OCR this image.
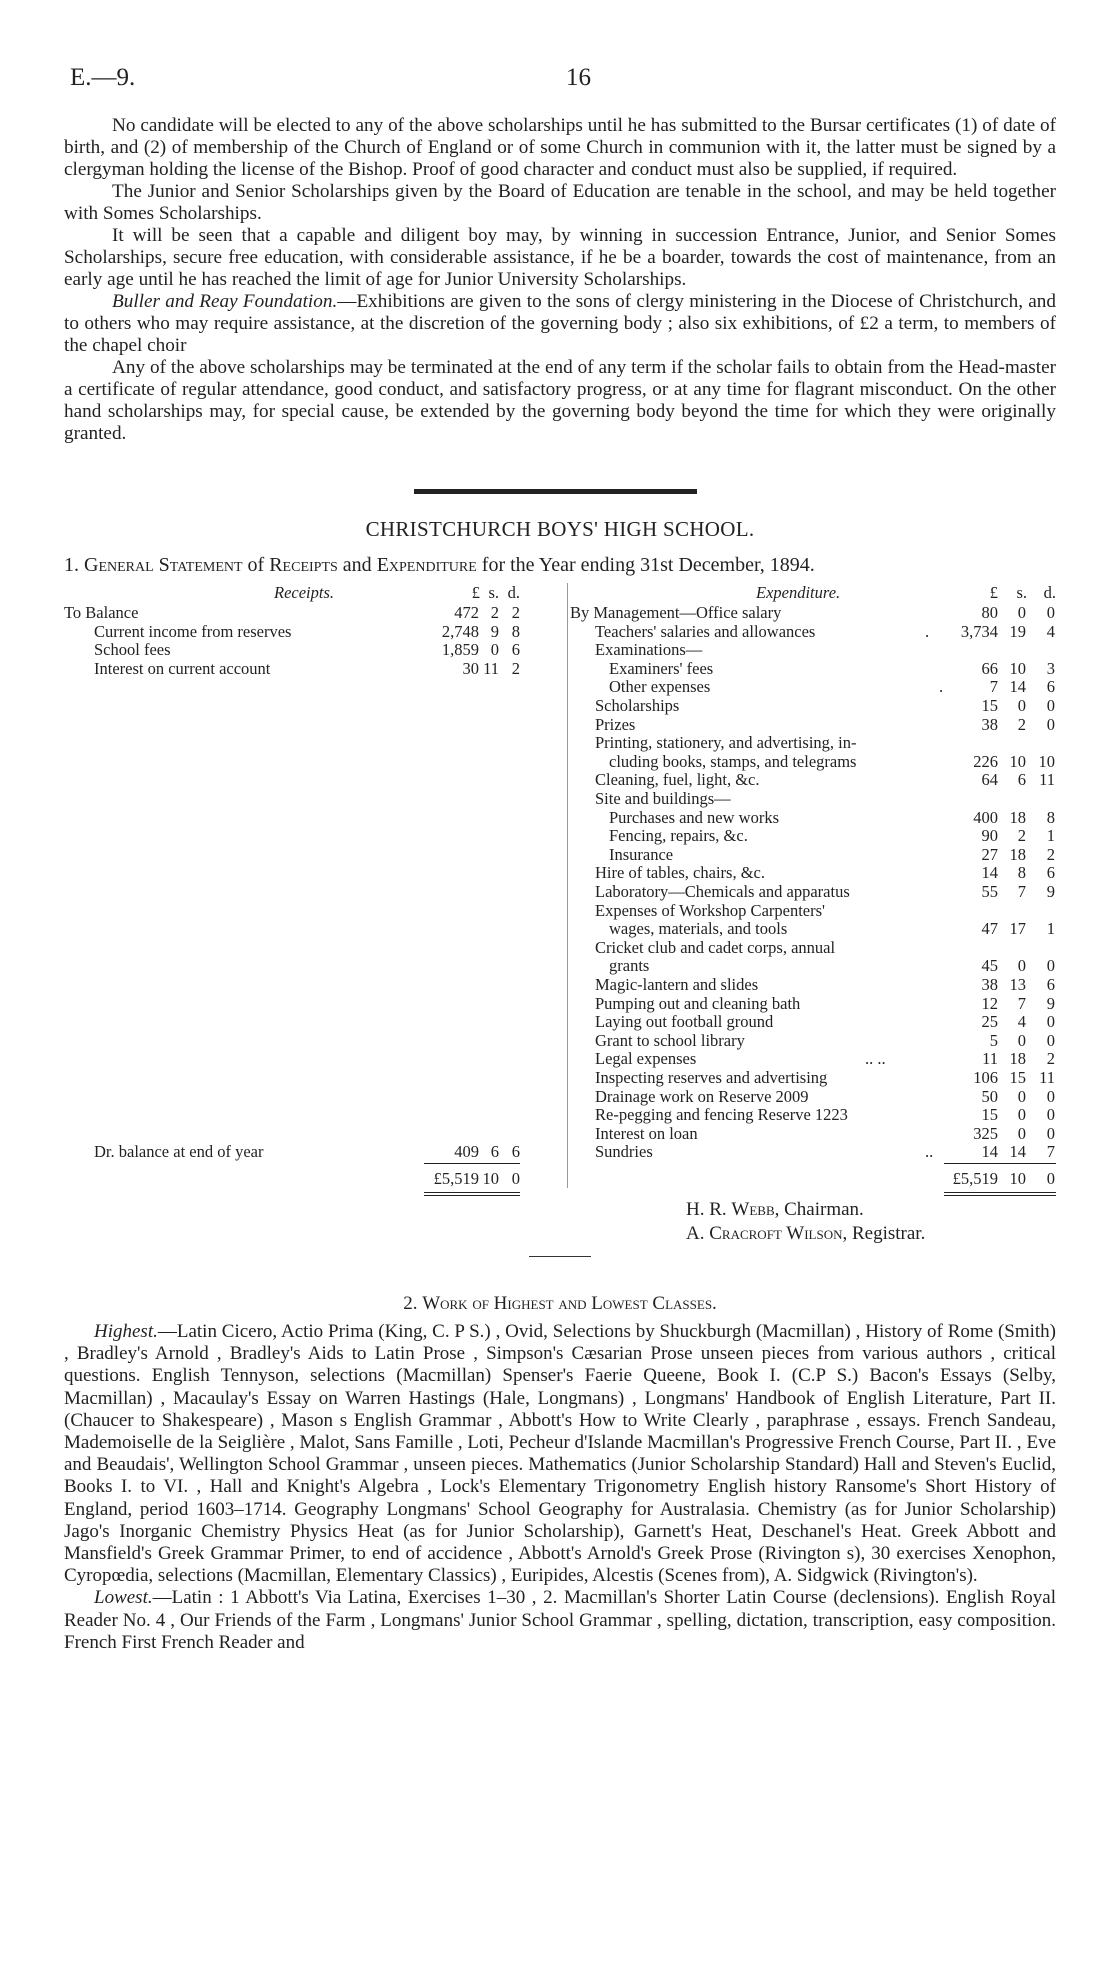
E.—9.	16

No candidate will be elected to any of the above scholarships until he has submitted to the Bursar certificates (1) of date of birth, and (2) of membership of the Church of England or of some Church in communion with it, the latter must be signed by a clergyman holding the license of the Bishop. Proof of good character and conduct must also be supplied, if required.

The Junior and Senior Scholarships given by the Board of Education are tenable in the school, and may be held together with Somes Scholarships.

It will be seen that a capable and diligent boy may, by winning in succession Entrance, Junior, and Senior Somes Scholarships, secure free education, with considerable assistance, if he be a boarder, towards the cost of maintenance, from an early age until he has reached the limit of age for Junior University Scholarships.

Buller and Reay Foundation.—Exhibitions are given to the sons of clergy ministering in the Diocese of Christchurch, and to others who may require assistance, at the discretion of the governing body ; also six exhibitions, of £2 a term, to members of the chapel choir

Any of the above scholarships may be terminated at the end of any term if the scholar fails to obtain from the Head-master a certificate of regular attendance, good conduct, and satisfactory progress, or at any time for flagrant misconduct. On the other hand scholarships may, for special cause, be extended by the governing body beyond the time for which they were originally granted.

CHRISTCHURCH BOYS' HIGH SCHOOL.
1. General Statement of Receipts and Expenditure for the Year ending 31st December, 1894.
Receipts.	£ s. d.	Expenditure.	£	s.	d.
To Balance	472 2 2
Current income from reserves	2,748 9 8
School fees	1,859 0 6
Interest on current account	30 11 2
Dr. balance at end of year	409 6 6
By Management—Office salary	80	0	0
Teachers' salaries and allowances	.	3,734 19	4
Examinations—
Examiners' fees	66 10	3
Other expenses	.	7 14	6
Scholarships	15	0	0
Prizes	38	2	0
Printing, stationery, and advertising, in-
cluding books, stamps, and telegrams	226 10 10
Cleaning, fuel, light, &c.	64	6 11
Site and buildings—
Purchases and new works	400 18	8
Fencing, repairs, &c.	90	2	1
Insurance	27 18	2
Hire of tables, chairs, &c.	14	8	6
Laboratory—Chemicals and apparatus	55	7	9
Expenses of Workshop Carpenters'
wages, materials, and tools	47 17	1
Cricket club and cadet corps, annual
grants	45	0	0
Magic-lantern and slides	38 13	6
Pumping out and cleaning bath	12	7	9
Laying out football ground	25	4	0
Grant to school library	5	0	0
Legal expenses	.. ..	11 18	2
Inspecting reserves and advertising	106 15 11
Drainage work on Reserve 2009	50	0	0
Re-pegging and fencing Reserve 1223	15	0	0
Interest on loan	325	0	0
Sundries	..	14 14	7
£5,519 10 0	£5,519 10	0
H. R. Webb, Chairman.
A. Cracroft Wilson, Registrar.
2. Work of Highest and Lowest Classes.

Highest.—Latin Cicero, Actio Prima (King, C. P S.) , Ovid, Selections by Shuckburgh (Macmillan) , History of Rome (Smith) , Bradley's Arnold , Bradley's Aids to Latin Prose , Simpson's Cæsarian Prose unseen pieces from various authors , critical questions. English Tennyson, selections (Macmillan) Spenser's Faerie Queene, Book I. (C.P S.) Bacon's Essays (Selby, Macmillan) , Macaulay's Essay on Warren Hastings (Hale, Longmans) , Longmans' Handbook of English Literature, Part II. (Chaucer to Shakespeare) , Mason s English Grammar , Abbott's How to Write Clearly , paraphrase , essays. French Sandeau, Mademoiselle de la Seiglière , Malot, Sans Famille , Loti, Pecheur d'Islande Macmillan's Progressive French Course, Part II. , Eve and Beaudais', Wellington School Grammar , unseen pieces. Mathematics (Junior Scholarship Standard) Hall and Steven's Euclid, Books I. to VI. , Hall and Knight's Algebra , Lock's Elementary Trigonometry English history Ransome's Short History of England, period 1603–1714. Geography Longmans' School Geography for Australasia. Chemistry (as for Junior Scholarship) Jago's Inorganic Chemistry Physics Heat (as for Junior Scholarship), Garnett's Heat, Deschanel's Heat. Greek Abbott and Mansfield's Greek Grammar Primer, to end of accidence , Abbott's Arnold's Greek Prose (Rivington s), 30 exercises Xenophon, Cyropœdia, selections (Macmillan, Elementary Classics) , Euripides, Alcestis (Scenes from), A. Sidgwick (Rivington's).

Lowest.—Latin : 1 Abbott's Via Latina, Exercises 1–30 , 2. Macmillan's Shorter Latin Course (declensions). English Royal Reader No. 4 , Our Friends of the Farm , Longmans' Junior School Grammar , spelling, dictation, transcription, easy composition. French First French Reader and
